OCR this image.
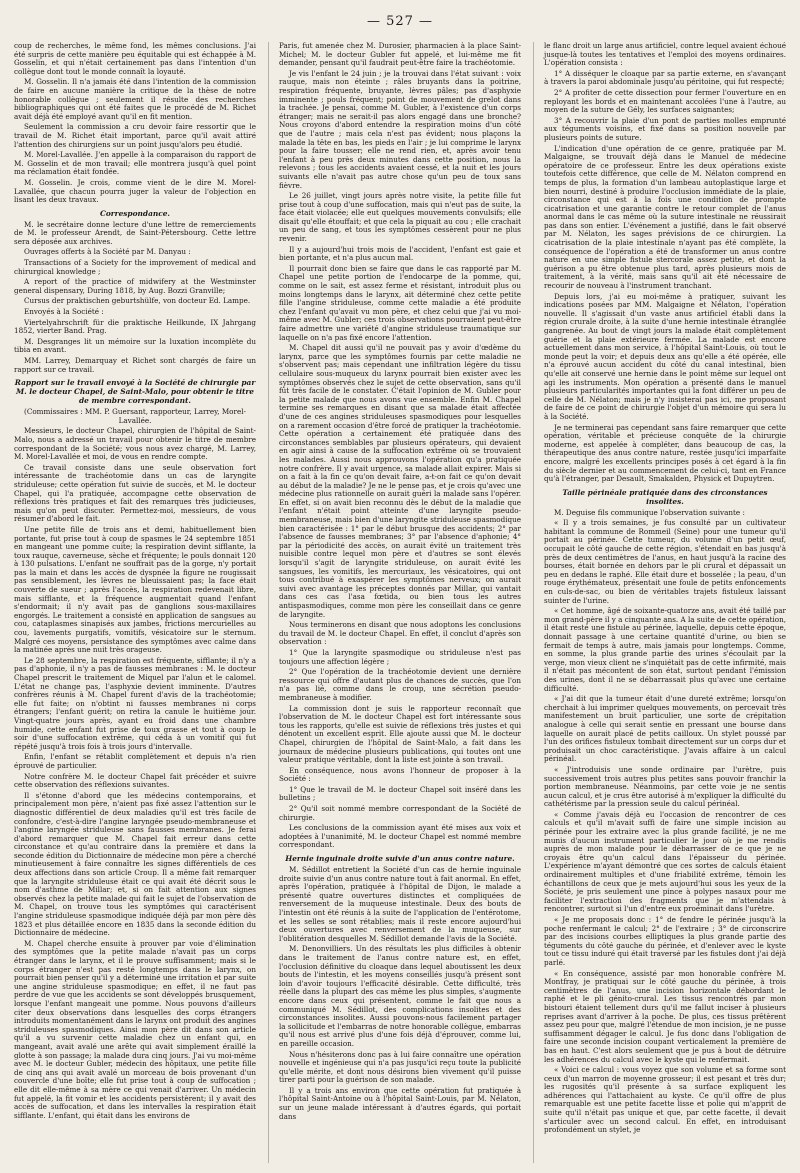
— 527 —

coup de recherches, le même fond, les mêmes conclusions. J'ai été surpris de cette manière peu équitable qui est échappée à M. Gosselin, et qui n'était certainement pas dans l'intention d'un collègue dont tout le monde connaît la loyauté.

M. Gosselin. Il n'a jamais été dans l'intention de la commission de faire en aucune manière la critique de la thèse de notre honorable collègue ; seulement il résulte des recherches bibliographiques qui ont été faites que le procédé de M. Richet avait déjà été employé avant qu'il en fit mention.

Seulement la commission a cru devoir faire ressortir que le travail de M. Richet était important, parce qu'il avait attiré l'attention des chirurgiens sur un point jusqu'alors peu étudié.

M. Morel-Lavallée. J'en appelle à la comparaison du rapport de M. Gosselin et de mon travail; elle montrera jusqu'à quel point ma réclamation était fondée.

M. Gosselin. Je crois, comme vient de le dire M. Morel-Lavallée, que chacun pourra juger la valeur de l'objection en lisant les deux travaux.

Correspondance.

M. le secrétaire donne lecture d'une lettre de remerciements de M. le professeur Arendt, de Saint-Pétersbourg. Cette lettre sera déposée aux archives.

Ouvrages offerts à la Société par M. Danyau :

Transactions of a Society for the improvement of medical and chirurgical knowledge ;

A report of the practice of midwifery at the Westminster general dispensary, During 1818, by Aug. Bozzi Granville;

Cursus der praktischen geburtshülfe, von docteur Ed. Lampe.

Envoyés à la Société :

Viertelyahrschrift für die praktische Heilkunde, IX Jahrgang 1852, vierter Band. Prag.

M. Desgranges lit un mémoire sur la luxation incomplète du tibia en avant.

MM. Larrey, Demarquay et Richet sont chargés de faire un rapport sur ce travail.

Rapport sur le travail envoyé à la Société de chirurgie par M. le docteur Chapel, de Saint-Malo, pour obtenir le titre de membre correspondant.
(Commissaires : MM. P. Guersant, rapporteur, Larrey, Morel-Lavallée.

Messieurs, le docteur Chapel, chirurgien de l'hôpital de Saint-Malo, nous a adressé un travail pour obtenir le titre de membre correspondant de la Société; vous nous avez chargé, M. Larrey, M. Morel-Lavallée et moi, de vous en rendre compte.

Ce travail consiste dans une seule observation fort intéressante de trachéotomie dans un cas de laryngite striduleuse; cette opération fut suivie de succès, et M. le docteur Chapel, qui l'a pratiquée, accompagne cette observation de réflexions très pratiques et fait des remarques très judicieuses, mais qu'on peut discuter. Permettez-moi, messieurs, de vous résumer d'abord le fait.

Une petite fille de trois ans et demi, habituellement bien portante, fut prise tout à coup de spasmes le 24 septembre 1851 en mangeant une pomme cuite; la respiration devint sifflante, la toux rauque, caverneuse, sèche et fréquente; le pouls donnait 120 à 130 pulsations. L'enfant ne souffrait pas de la gorge, n'y portait pas la main et dans les accès de dyspnée la figure ne rougissait pas sensiblement, les lèvres ne bleuissaient pas; la face était couverte de sueur ; après l'accès, la respiration redevenait libre, mais sifflante, et la fréquence augmentait quand l'enfant s'endormait; il n'y avait pas de ganglions sous-maxillaires engorgés. Le traitement a consisté en application de sangsues au cou, cataplasmes sinapisés aux jambes, frictions mercurielles au cou, lavements purgatifs, vomitifs, vésicatoire sur le sternum. Malgré ces moyens, persistance des symptômes avec calme dans la matinée après une nuit très orageuse.

Le 28 septembre, la respiration est fréquente, sifflante; il n'y a pas d'aphonie, il n'y a pas de fausses membranes : M. le docteur Chapel prescrit le traitement de Miquel par l'alun et le calomel. L'état ne change pas, l'asphyxie devient imminente. D'autres confrères réunis à M. Chapel furent d'avis de la trachéotomie; elle fut faite; on n'obtint ni fausses membranes ni corps étrangers; l'enfant guérit; on retira la canule le huitième jour. Vingt-quatre jours après, ayant eu froid dans une chambre humide, cette enfant fut prise de toux grasse et tout à coup le soir d'une suffocation extrême, qui céda à un vomitif qui fut répété jusqu'à trois fois à trois jours d'intervalle.

Enfin, l'enfant se rétablit complètement et depuis n'a rien éprouvé de particulier.

Notre confrère M. le docteur Chapel fait précéder et suivre cette observation des réflexions suivantes.

Il s'étonne d'abord que les médecins contemporains, et principalement mon père, n'aient pas fixé assez l'attention sur le diagnostic différentiel de deux maladies qu'il est très facile de confondre, c'est-à-dire l'angine laryngée pseudo-membraneuse et l'angine laryngée striduleuse sans fausses membranes. Je ferai d'abord remarquer que M. Chapel fait erreur dans cette circonstance et qu'au contraire dans la première et dans la seconde édition du Dictionnaire de médecine mon père a cherché minutieusement à faire connaître les signes différentiels de ces deux affections dans son article Croup. Il a même fait remarquer que la laryngite striduleuse était ce qui avait été décrit sous le nom d'asthme de Millar; et, si on fait attention aux signes observés chez la petite malade qui fait le sujet de l'observation de M. Chapel, on trouve tous les symptômes qui caractérisent l'angine striduleuse spasmodique indiquée déjà par mon père dès 1823 et plus détaillée encore en 1835 dans la seconde édition du Dictionnaire de médecine.

M. Chapel cherche ensuite à prouver par voie d'élimination des symptômes que la petite malade n'avait pas un corps étranger dans le larynx, et il le prouve suffisamment; mais si le corps étranger n'est pas resté longtemps dans le larynx, on pourrait bien penser qu'il y a déterminé une irritation et par suite une angine striduleuse spasmodique; en effet, il ne faut pas perdre de vue que les accidents se sont développés brusquement, lorsque l'enfant mangeait une pomme. Nous pouvons d'ailleurs citer deux observations dans lesquelles des corps étrangers introduits momentanément dans le larynx ont produit des angines striduleuses spasmodiques. Ainsi mon père dit dans son article qu'il a vu survenir cette maladie chez un enfant qui, en mangeant, avait avalé une arête qui avait simplement éraillé la glotte à son passage; la malade dura cinq jours. J'ai vu moi-même avec M. le docteur Gubler, médecin des hôpitaux, une petite fille de cinq ans qui avait avalé un morceau de bois provenant d'un couvercle d'une boîte; elle fut prise tout à coup de suffocation ; elle dit elle-même à sa mère ce qui venait d'arriver. Un médecin fut appelé, la fit vomir et les accidents persistèrent; il y avait des accès de suffocation, et dans les intervalles la respiration était sifflante. L'enfant, qui était dans les environs de

Paris, fut amenée chez M. Durosier, pharmacien à la place Saint-Michel; M. le docteur Gubler fut appelé, et lui-même me fit demander, pensant qu'il faudrait peut-être faire la trachéotomie.

Je vis l'enfant le 24 juin ; je la trouvai dans l'état suivant : voix rauque, mais non éteinte ; râles bruyants dans la poitrine, respiration fréquente, bruyante, lèvres pâles; pas d'asphyxie imminente ; pouls fréquent; point de mouvement de grelot dans la trachée. Je pensai, comme M. Gubler, à l'existence d'un corps étranger; mais ne serait-il pas alors engagé dans une bronche? Nous croyons d'abord entendre la respiration moins d'un côté que de l'autre ; mais cela n'est pas évident; nous plaçons la malade la tête en bas, les pieds en l'air ; je lui comprime le larynx pour la faire tousser; elle ne rend rien, et, après avoir tenu l'enfant à peu près deux minutes dans cette position, nous la relevons ; tous les accidents avaient cessé, et la nuit et les jours suivants elle n'avait pas autre chose qu'un peu de toux sans fièvre.

Le 26 juillet, vingt jours après notre visite, la petite fille fut prise tout à coup d'une suffocation, mais qui n'eut pas de suite, la face était violacée; elle eut quelques mouvements convulsifs; elle disait qu'elle étouffait; et que cela la piquait au cou ; elle crachait un peu de sang, et tous les symptômes cessèrent pour ne plus revenir.

Il y a aujourd'hui trois mois de l'accident, l'enfant est gaie et bien portante, et n'a plus aucun mal.

Il pourrait donc bien se faire que dans le cas rapporté par M. Chapel une petite portion de l'endocarpe de la pomme, qui, comme on le sait, est assez ferme et résistant, introduit plus ou moins longtemps dans le larynx, ait déterminé chez cette petite fille l'angine striduleuse, comme cette maladie a été produite chez l'enfant qu'avait vu mon père, et chez celui que j'ai vu moi-même avec M. Gubler; ces trois observations pourraient peut-être faire admettre une variété d'angine striduleuse traumatique sur laquelle on n'a pas fixé encore l'attention.

M. Chapel dit aussi qu'il ne pouvait pas y avoir d'œdème du larynx, parce que les symptômes fournis par cette maladie ne s'observent pas; mais cependant une infiltration légère du tissu cellulaire sous-muqueux du larynx pourrait bien exister avec les symptômes observés chez le sujet de cette observation, sans qu'il fût très facile de le constater. C'était l'opinion de M. Gubler pour la petite malade que nous avons vue ensemble. Enfin M. Chapel termine ses remarques en disant que sa malade était affectée d'une de ces angines striduleuses spasmodiques pour lesquelles on a rarement occasion d'être forcé de pratiquer la trachéotomie. Cette opération a certainement été pratiquée dans des circonstances semblables par plusieurs opérateurs, qui devaient en agir ainsi à cause de la suffocation extrême où se trouvaient les malades. Aussi nous approuvons l'opération qu'a pratiquée notre confrère. Il y avait urgence, sa malade allait expirer. Mais si on a fait à la fin ce qu'on devait faire, a-t-on fait ce qu'on devait au début de la maladie? Je ne le pense pas, et je crois qu'avec une médecine plus rationnelle on aurait guéri la malade sans l'opérer. En effet, si on avait bien reconnu dès le début de la maladie que l'enfant n'était point atteinte d'une laryngite pseudo-membraneuse, mais bien d'une laryngite striduleuse spasmodique bien caractérisée : 1° par le début brusque des accidents; 2° par l'absence de fausses membranes; 3° par l'absence d'aphonie; 4° par la périodicité des accès, on aurait évité un traitement très nuisible contre lequel mon père et d'autres se sont élevés lorsqu'il s'agit de laryngite striduleuse, on aurait évité les sangsues, les vomitifs, les mercuriaux, les vésicatoires, qui ont tous contribué à exaspérer les symptômes nerveux; on aurait suivi avec avantage les préceptes donnés par Millar, qui vantait dans ces cas l'asa fœtida, ou bien tous les autres antispasmodiques, comme mon père les conseillait dans ce genre de laryngite.

Nous terminerons en disant que nous adoptons les conclusions du travail de M. le docteur Chapel. En effet, il conclut d'après son observation :

1° Que la laryngite spasmodique ou striduleuse n'est pas toujours une affection légère ;

2° Que l'opération de la trachéotomie devient une dernière ressource qui offre d'autant plus de chances de succès, que l'on n'a pas lié, comme dans le croup, une sécrétion pseudo-membraneuse à modifier.

La commission dont je suis le rapporteur reconnaît que l'observation de M. le docteur Chapel est fort intéressante sous tous les rapports, qu'elle est suivie de réflexions très justes et qui dénotent un excellent esprit. Elle ajoute aussi que M. le docteur Chapel, chirurgien de l'hôpital de Saint-Malo, a fait dans les journaux de médecine plusieurs publications, qui toutes ont une valeur pratique véritable, dont la liste est jointe à son travail.

En conséquence, nous avons l'honneur de proposer à la Société :

1° Que le travail de M. le docteur Chapel soit inséré dans les bulletins ;

2° Qu'il soit nommé membre correspondant de la Société de chirurgie.

Les conclusions de la commission ayant été mises aux voix et adoptées à l'unanimité, M. le docteur Chapel est nommé membre correspondant.

Hernie inguinale droite suivie d'un anus contre nature.

M. Sédillot entretient la Société d'un cas de hernie inguinale droite suivie d'un anus contre nature tout à fait anormal. En effet, après l'opération, pratiquée à l'hôpital de Dijon, le malade a présenté quatre ouvertures distinctes et compliquées de renversement de la muqueuse intestinale. Deux des bouts de l'intestin ont été réunis à la suite de l'application de l'entérotome, et les selles se sont rétablies; mais il reste encore aujourd'hui deux ouvertures avec renversement de la muqueuse, sur l'oblitération desquelles M. Sédillot demande l'avis de la Société.

M. Denonvilliers. Un des résultats les plus difficiles à obtenir dans le traitement de l'anus contre nature est, en effet, l'occlusion définitive du cloaque dans lequel aboutissent les deux bouts de l'intestin, et les moyens conseillés jusqu'à présent sont loin d'avoir toujours l'efficacité désirable. Cette difficulté, très réelle dans la plupart des cas même les plus simples, s'augmente encore dans ceux qui présentent, comme le fait que nous a communiqué M. Sédillot, des complications insolites et des circonstances insolites. Aussi pouvons-nous facilement partager la sollicitude et l'embarras de notre honorable collègue, embarras qu'il nous est arrivé plus d'une fois déjà d'éprouver, comme lui, en pareille occasion.

Nous n'hésiterons donc pas à lui faire connaître une opération nouvelle et ingénieuse qui n'a pas jusqu'ici reçu toute la publicité qu'elle mérite, et dont nous désirons bien vivement qu'il puisse tirer parti pour la guérison de son malade.

Il y a trois ans environ que cette opération fut pratiquée à l'hôpital Saint-Antoine ou à l'hôpital Saint-Louis, par M. Nélaton, sur un jeune malade intéressant à d'autres égards, qui portait dans

le flanc droit un large anus artificiel, contre lequel avaient échoué jusque-là toutes les tentatives et l'emploi des moyens ordinaires. L'opération consista :

1° A disséquer le cloaque par sa partie externe, en s'avançant à travers la paroi abdominale jusqu'au péritoine, qui fut respecté;

2° A profiter de cette dissection pour fermer l'ouverture en en reployant les bords et en maintenant accolées l'une à l'autre, au moyen de la suture de Gély, les surfaces saignantes;

3° A recouvrir la plaie d'un pont de parties molles emprunté aux téguments voisins, et fixé dans sa position nouvelle par plusieurs points de suture.

L'indication d'une opération de ce genre, pratiquée par M. Malgaigne, se trouvait déjà dans le Manuel de médecine opératoire de ce professeur. Entre les deux opérations existe toutefois cette différence, que celle de M. Nélaton comprend en temps de plus, la formation d'un lambeau autoplastique large et bien nourri, destiné à produire l'occlusion immédiate de la plaie, circonstance qui est à la fois une condition de prompte cicatrisation et une garantie contre le retour complet de l'anus anormal dans le cas même où la suture intestinale ne réussirait pas dans son entier. L'événement a justifié, dans le fait observé par M. Nélaton, les sages prévisions de ce chirurgien. La cicatrisation de la plaie intestinale n'ayant pas été complète, la conséquence de l'opération a été de transformer un anus contre nature en une simple fistule stercorale assez petite, et dont la guérison a pu être obtenue plus tard, après plusieurs mois de traitement, à la vérité, mais sans qu'il ait été nécessaire de recourir de nouveau à l'instrument tranchant.

Depuis lors, j'ai eu moi-même à pratiquer, suivant les indications posées par MM. Malgaigne et Nélaton, l'opération nouvelle. Il s'agissait d'un vaste anus artificiel établi dans la région crurale droite, à la suite d'une hernie intestinale étranglée gangrenée. Au bout de vingt jours la malade était complètement guérie et la plaie extérieure fermée. La malade est encore actuellement dans mon service, à l'hôpital Saint-Louis, où tout le monde peut la voir; et depuis deux ans qu'elle a été opérée, elle n'a éprouvé aucun accident du côté du canal intestinal, bien qu'elle ait conservé une hernie dans le point même sur lequel ont agi les instruments. Mon opération a présenté dans le manuel plusieurs particularités importantes qui la font différer un peu de celle de M. Nélaton; mais je n'y insisterai pas ici, me proposant de faire de ce point de chirurgie l'objet d'un mémoire qui sera lu à la Société.

Je ne terminerai pas cependant sans faire remarquer que cette opération, véritable et précieuse conquête de la chirurgie moderne, est appelée à compléter, dans beaucoup de cas, la thérapeutique des anus contre nature, restée jusqu'ici imparfaite encore, malgré les excellents principes posés à cet égard à la fin du siècle dernier et au commencement de celui-ci, tant en France qu'à l'étranger, par Desault, Smakalden, Physick et Dupuytren.

Taille périnéale pratiquée dans des circonstances insolites.

M. Deguise fils communique l'observation suivante :

« Il y a trois semaines, je fus consulté par un cultivateur habitant la commune de Rommeil (Seine) pour une tumeur qu'il portait au périnée. Cette tumeur, du volume d'un petit œuf, occupait le côté gauche de cette région, s'étendait en bas jusqu'à près de deux centimètres de l'anus, en haut jusqu'à la racine des bourses, était bornée en dehors par le pli crural et dépassait un peu en dedans le raphé. Elle était dure et bosselée ; la peau, d'un rouge érythémateux, présentait une foule de petits enfoncements en culs-de-sac, ou bien de véritables trajets fistuleux laissant suinter de l'urine.

« Cet homme, âgé de soixante-quatorze ans, avait été taillé par mon grand-père il y a cinquante ans. A la suite de cette opération, il était resté une fistule au périnée, laquelle, depuis cette époque, donnait passage à une certaine quantité d'urine, ou bien se fermait de temps à autre, mais jamais pour longtemps. Comme, en somme, la plus grande partie des urines s'écoulait par la verge, mon vieux client ne s'inquiétait pas de cette infirmité, mais il n'était pas mécontent de son état, surtout pendant l'émission des urines, dont il ne se débarrassait plus qu'avec une certaine difficulté.

« J'ai dit que la tumeur était d'une dureté extrême; lorsqu'on cherchait à lui imprimer quelques mouvements, on percevait très manifestement un bruit particulier, une sorte de crépitation analogue à celle qui serait sentie en pressant une bourse dans laquelle on aurait placé de petits cailloux. Un stylet poussé par l'un des orifices fistuleux tombait directement sur un corps dur et produisait un choc caractéristique. J'avais affaire à un calcul périnéal.

« J'introduisis une sonde ordinaire par l'urètre, puis successivement trois autres plus petites sans pouvoir franchir la portion membraneuse. Néanmoins, par cette voie je ne sentis aucun calcul, et je crus être autorisé à m'expliquer la difficulté du cathétérisme par la pression seule du calcul périnéal.

« Comme j'avais déjà eu l'occasion de rencontrer de ces calculs et qu'il m'avait suffi de faire une simple incision au périnée pour les extraire avec la plus grande facilité, je ne me munis d'aucun instrument particulier le jour où je me rendis auprès de mon malade pour le débarrasser de ce que je ne croyais être qu'un calcul dans l'épaisseur du périnée. L'expérience m'ayant démontré que ces sortes de calculs étaient ordinairement multiples et d'une friabilité extrême, témoin les échantillons de ceux que je mets aujourd'hui sous les yeux de la Société, je pris seulement une pince à polypes nasaux pour me faciliter l'extraction des fragments que je m'attendais à rencontrer, surtout si l'un d'entre eux proéminait dans l'urètre.

« Je me proposais donc : 1° de fendre le périnée jusqu'à la poche renfermant le calcul; 2° de l'extraire ; 3° de circonscrire par des incisions courbes elliptiques la plus grande partie des téguments du côté gauche du périnée, et d'enlever avec le kyste tout ce tissu induré qui était traversé par les fistules dont j'ai déjà parlé.

« En conséquence, assisté par mon honorable confrère M. Montfray, je pratiquai sur le côté gauche du périnée, à trois centimètres de l'anus, une incision horizontale débordant le raphé et le pli génito-crural. Les tissus rencontrés par mon bistouri étaient tellement durs qu'il me fallut inciser à plusieurs reprises avant d'arriver à la poche. De plus, ces tissus prêtèrent assez peu pour que, malgré l'étendue de mon incision, je ne pusse suffisamment dégager le calcul. Je fus donc dans l'obligation de faire une seconde incision coupant verticalement la première de bas en haut. C'est alors seulement que je pus à bout de détruire les adhérences du calcul avec le kyste qui le renfermait.

« Voici ce calcul : vous voyez que son volume et sa forme sont ceux d'un marron de moyenne grosseur; il est pesant et très dur; les rugosités qu'il présente à sa surface expliquent les adhérences qui l'attachaient au kyste. Ce qu'il offre de plus remarquable est une petite facette lisse et polie qui m'apprit de suite qu'il n'était pas unique et que, par cette facette, il devait s'articuler avec un second calcul. En effet, en introduisant profondément un stylet, je
